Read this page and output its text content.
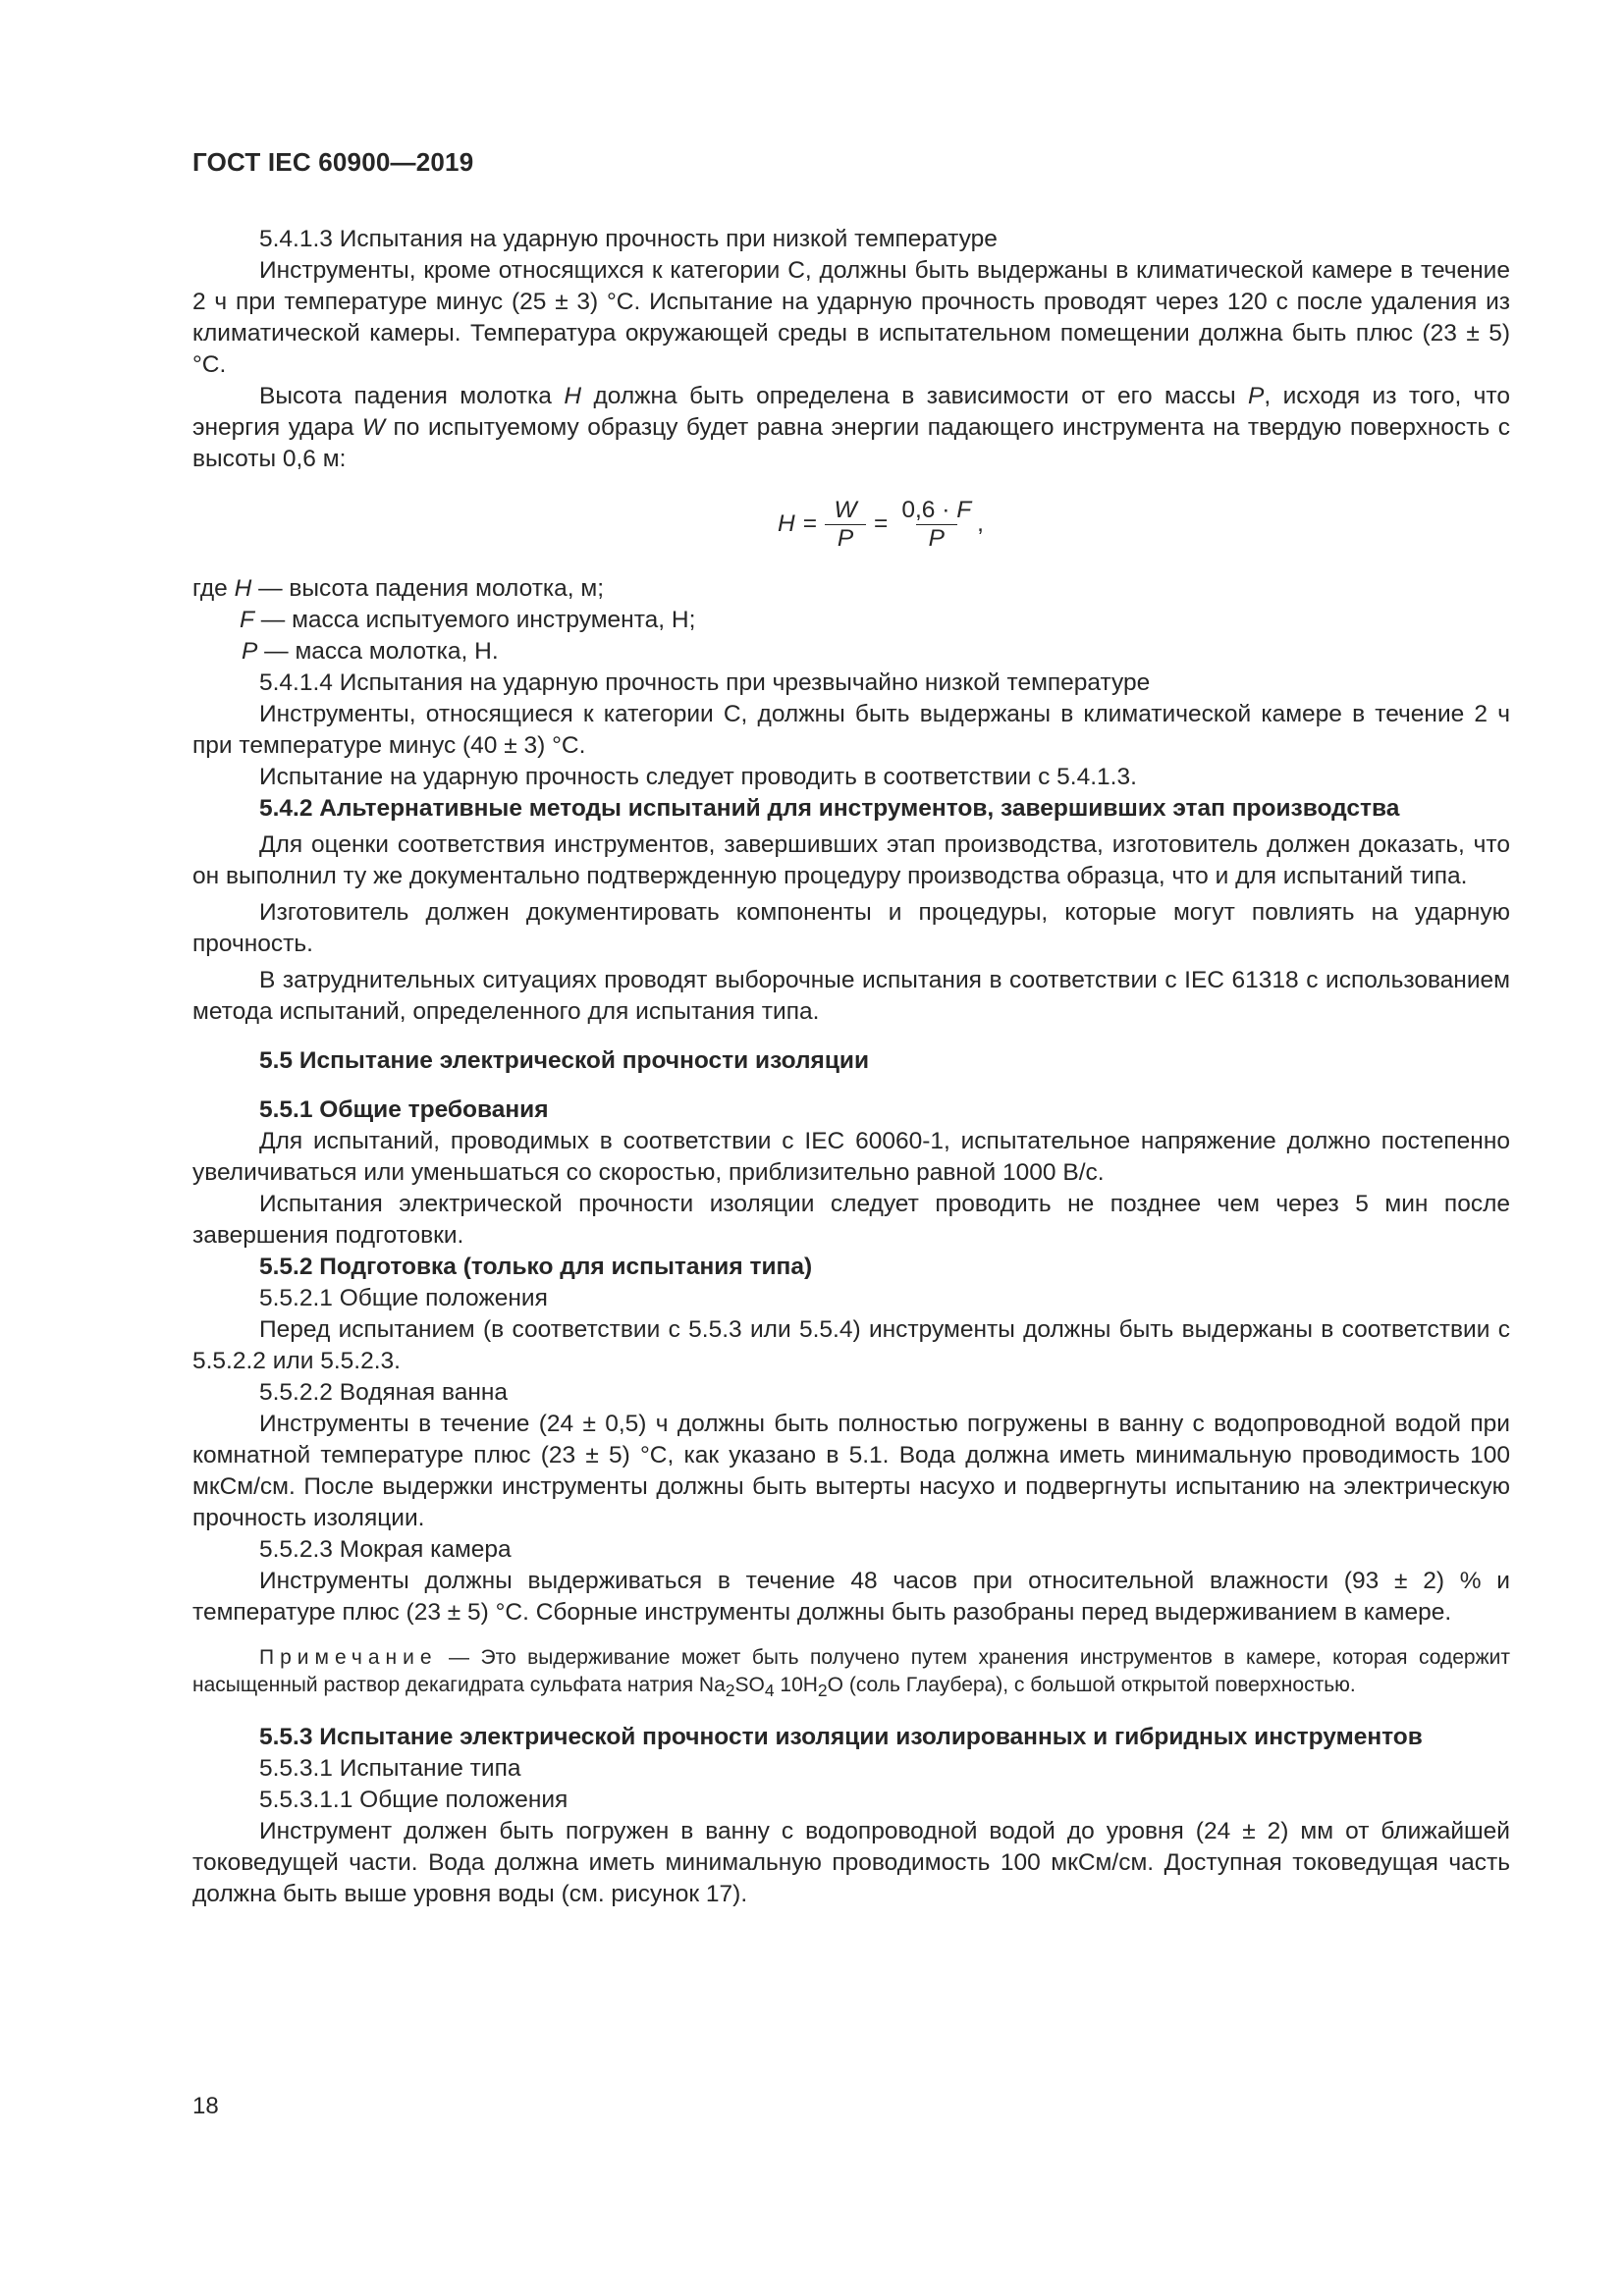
ГОСТ IEC 60900—2019

5.4.1.3 Испытания на ударную прочность при низкой температуре

Инструменты, кроме относящихся к категории C, должны быть выдержаны в климатической камере в течение 2 ч при температуре минус (25 ± 3) °C. Испытание на ударную прочность проводят через 120 с после удаления из климатической камеры. Температура окружающей среды в испытательном помещении должна быть плюс (23 ± 5) °C.

Высота падения молотка H должна быть определена в зависимости от его массы P, исходя из того, что энергия удара W по испытуемому образцу будет равна энергии падающего инструмента на твердую поверхность с высоты 0,6 м:

$H = \frac{W}{P} = \frac{0,6 \cdot F}{P}$ ,

где H — высота падения молотка, м;

F — масса испытуемого инструмента, Н;

P — масса молотка, Н.

5.4.1.4 Испытания на ударную прочность при чрезвычайно низкой температуре

Инструменты, относящиеся к категории C, должны быть выдержаны в климатической камере в течение 2 ч при температуре минус (40 ± 3) °C.

Испытание на ударную прочность следует проводить в соответствии с 5.4.1.3.

5.4.2 Альтернативные методы испытаний для инструментов, завершивших этап производства

Для оценки соответствия инструментов, завершивших этап производства, изготовитель должен доказать, что он выполнил ту же документально подтвержденную процедуру производства образца, что и для испытаний типа.

Изготовитель должен документировать компоненты и процедуры, которые могут повлиять на ударную прочность.

В затруднительных ситуациях проводят выборочные испытания в соответствии с IEC 61318 с использованием метода испытаний, определенного для испытания типа.

5.5 Испытание электрической прочности изоляции

5.5.1 Общие требования

Для испытаний, проводимых в соответствии с IEC 60060-1, испытательное напряжение должно постепенно увеличиваться или уменьшаться со скоростью, приблизительно равной 1000 В/с.

Испытания электрической прочности изоляции следует проводить не позднее чем через 5 мин после завершения подготовки.

5.5.2 Подготовка (только для испытания типа)

5.5.2.1 Общие положения

Перед испытанием (в соответствии с 5.5.3 или 5.5.4) инструменты должны быть выдержаны в соответствии с 5.5.2.2 или 5.5.2.3.

5.5.2.2 Водяная ванна

Инструменты в течение (24 ± 0,5) ч должны быть полностью погружены в ванну с водопроводной водой при комнатной температуре плюс (23 ± 5) °C, как указано в 5.1. Вода должна иметь минимальную проводимость 100 мкСм/см. После выдержки инструменты должны быть вытерты насухо и подвергнуты испытанию на электрическую прочность изоляции.

5.5.2.3 Мокрая камера

Инструменты должны выдерживаться в течение 48 часов при относительной влажности (93 ± 2) % и температуре плюс (23 ± 5) °C. Сборные инструменты должны быть разобраны перед выдерживанием в камере.

Примечание — Это выдерживание может быть получено путем хранения инструментов в камере, которая содержит насыщенный раствор декагидрата сульфата натрия $Na_2SO_4$ $10H_2O$ (соль Глаубера), с большой открытой поверхностью.

5.5.3 Испытание электрической прочности изоляции изолированных и гибридных инструментов

5.5.3.1 Испытание типа

5.5.3.1.1 Общие положения

Инструмент должен быть погружен в ванну с водопроводной водой до уровня (24 ± 2) мм от ближайшей токоведущей части. Вода должна иметь минимальную проводимость 100 мкСм/см. Доступная токоведущая часть должна быть выше уровня воды (см. рисунок 17).

18
